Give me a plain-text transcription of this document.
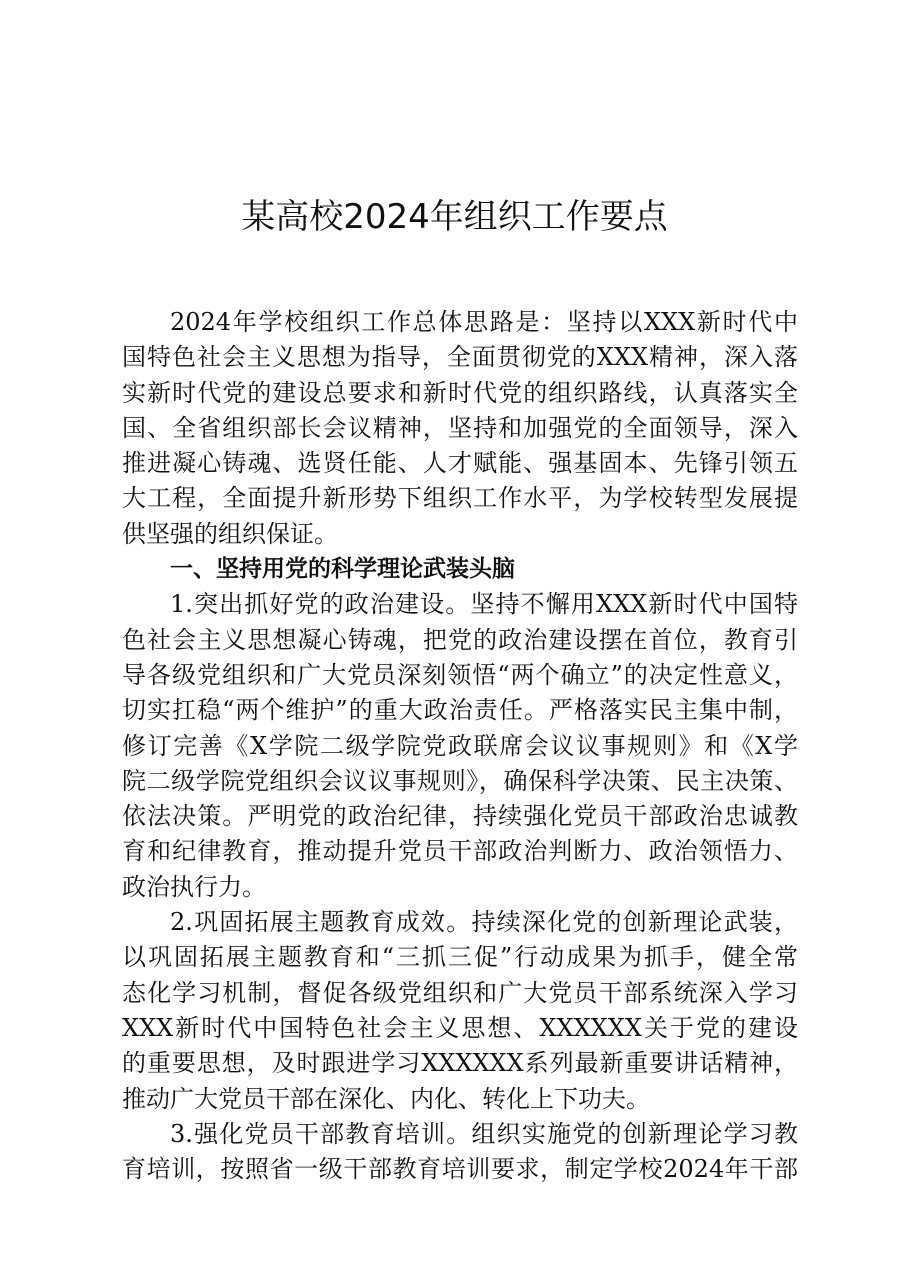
某高校2024年组织工作要点
2024年学校组织工作总体思路是：坚持以XXX新时代中
国特色社会主义思想为指导，全面贯彻党的XXX精神，深入落
实新时代党的建设总要求和新时代党的组织路线，认真落实全
国、全省组织部长会议精神，坚持和加强党的全面领导，深入
推进凝心铸魂、选贤任能、人才赋能、强基固本、先锋引领五
大工程，全面提升新形势下组织工作水平，为学校转型发展提
供坚强的组织保证。
一、坚持用党的科学理论武装头脑
1.突出抓好党的政治建设。坚持不懈用XXX新时代中国特
色社会主义思想凝心铸魂，把党的政治建设摆在首位，教育引
导各级党组织和广大党员深刻领悟“两个确立”的决定性意义，
切实扛稳“两个维护”的重大政治责任。严格落实民主集中制，
修订完善《X学院二级学院党政联席会议议事规则》和《X学
院二级学院党组织会议议事规则》，确保科学决策、民主决策、
依法决策。严明党的政治纪律，持续强化党员干部政治忠诚教
育和纪律教育，推动提升党员干部政治判断力、政治领悟力、
政治执行力。
2.巩固拓展主题教育成效。持续深化党的创新理论武装，
以巩固拓展主题教育和“三抓三促”行动成果为抓手，健全常
态化学习机制，督促各级党组织和广大党员干部系统深入学习
XXX新时代中国特色社会主义思想、XXXXXX关于党的建设
的重要思想，及时跟进学习XXXXXX系列最新重要讲话精神，
推动广大党员干部在深化、内化、转化上下功夫。
3.强化党员干部教育培训。组织实施党的创新理论学习教
育培训，按照省一级干部教育培训要求，制定学校2024年干部
